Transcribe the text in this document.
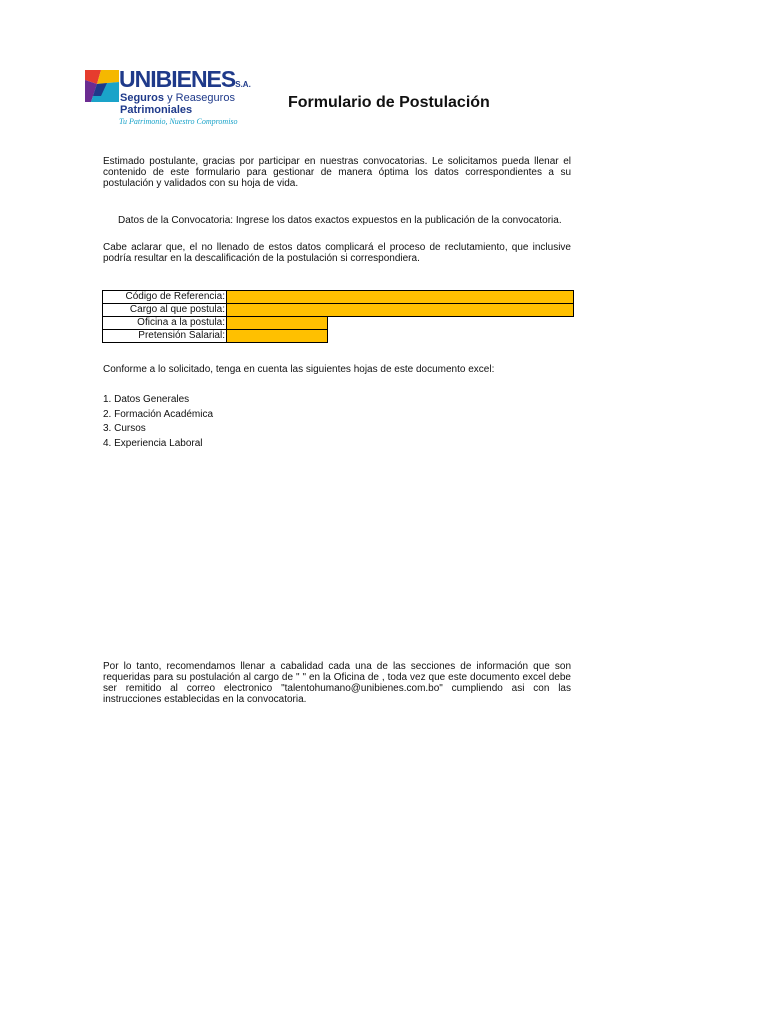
UNIBIENESS.A.
Seguros y Reaseguros
Patrimoniales
Tu Patrimonio, Nuestro Compromiso
Formulario de Postulación
Estimado postulante, gracias por participar en nuestras convocatorias. Le solicitamos pueda llenar el contenido de este formulario para gestionar de manera óptima los datos correspondientes a su postulación y validados con su hoja de vida.
Datos de la Convocatoria: Ingrese los datos exactos expuestos en la publicación de la convocatoria.
Cabe aclarar que, el no llenado de estos datos complicará el proceso de reclutamiento, que inclusive podría resultar en la descalificación de la postulación si correspondiera.
Código de Referencia:		
Cargo al que postula:		
Oficina a la postula:		
Pretensión Salarial:		
Conforme a lo solicitado, tenga en cuenta las siguientes hojas de este documento excel:
1. Datos Generales
2. Formación Académica
3. Cursos
4. Experiencia Laboral
Por lo tanto, recomendamos llenar a cabalidad cada una de las secciones de información que son requeridas para su postulación al cargo de " " en la Oficina de , toda vez que este documento excel debe ser remitido al correo electronico "talentohumano@unibienes.com.bo" cumpliendo asi con las instrucciones establecidas en la convocatoria.
